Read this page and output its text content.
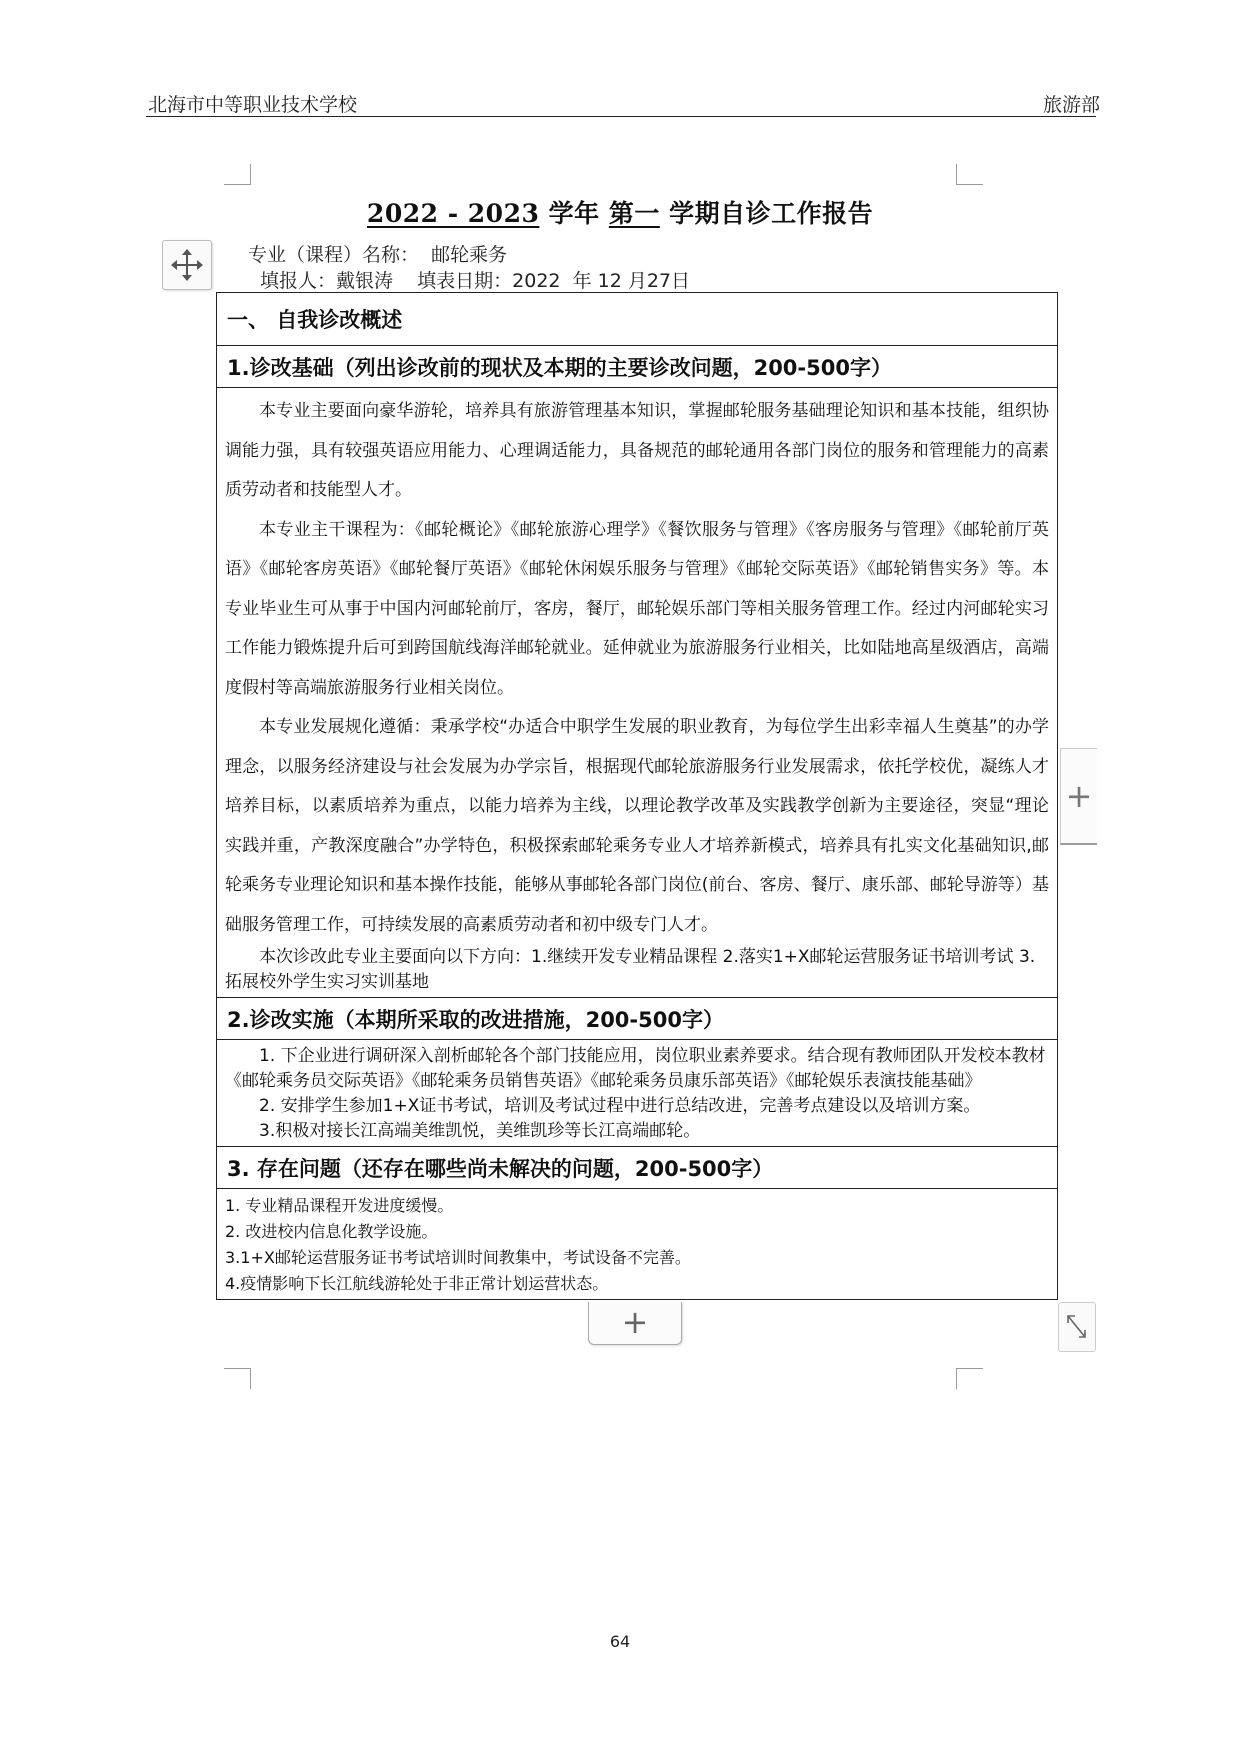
北海市中等职业技术学校	旅游部
2022 - 2023 学年 第一 学期自诊工作报告
专业（课程）名称：  邮轮乘务
填报人：戴银涛    填表日期：2022  年 12 月27日
一、 自我诊改概述
1.诊改基础（列出诊改前的现状及本期的主要诊改问题，200-500字）

本专业主要面向豪华游轮，培养具有旅游管理基本知识，掌握邮轮服务基础理论知识和基本技能，组织协调能力强，具有较强英语应用能力、心理调适能力，具备规范的邮轮通用各部门岗位的服务和管理能力的高素质劳动者和技能型人才。

本专业主干课程为：《邮轮概论》《邮轮旅游心理学》《餐饮服务与管理》《客房服务与管理》《邮轮前厅英语》《邮轮客房英语》《邮轮餐厅英语》《邮轮休闲娱乐服务与管理》《邮轮交际英语》《邮轮销售实务》等。本专业毕业生可从事于中国内河邮轮前厅，客房，餐厅，邮轮娱乐部门等相关服务管理工作。经过内河邮轮实习工作能力锻炼提升后可到跨国航线海洋邮轮就业。延伸就业为旅游服务行业相关，比如陆地高星级酒店，高端度假村等高端旅游服务行业相关岗位。

本专业发展规化遵循：秉承学校“办适合中职学生发展的职业教育，为每位学生出彩幸福人生奠基”的办学理念，以服务经济建设与社会发展为办学宗旨，根据现代邮轮旅游服务行业发展需求，依托学校优，凝练人才培养目标，以素质培养为重点，以能力培养为主线，以理论教学改革及实践教学创新为主要途径，突显“理论实践并重，产教深度融合”办学特色，积极探索邮轮乘务专业人才培养新模式，培养具有扎实文化基础知识,邮轮乘务专业理论知识和基本操作技能，能够从事邮轮各部门岗位(前台、客房、餐厅、康乐部、邮轮导游等）基础服务管理工作，可持续发展的高素质劳动者和初中级专门人才。

本次诊改此专业主要面向以下方向：1.继续开发专业精品课程 2.落实1+X邮轮运营服务证书培训考试 3.拓展校外学生实习实训基地

2.诊改实施（本期所采取的改进措施，200-500字）

1. 下企业进行调研深入剖析邮轮各个部门技能应用，岗位职业素养要求。结合现有教师团队开发校本教材《邮轮乘务员交际英语》《邮轮乘务员销售英语》《邮轮乘务员康乐部英语》《邮轮娱乐表演技能基础》

2. 安排学生参加1+X证书考试，培训及考试过程中进行总结改进，完善考点建设以及培训方案。

3.积极对接长江高端美维凯悦，美维凯珍等长江高端邮轮。

3. 存在问题（还存在哪些尚未解决的问题，200-500字）

1. 专业精品课程开发进度缓慢。

2. 改进校内信息化教学设施。

3.1+X邮轮运营服务证书考试培训时间教集中，考试设备不完善。

4.疫情影响下长江航线游轮处于非正常计划运营状态。

+
+
64
